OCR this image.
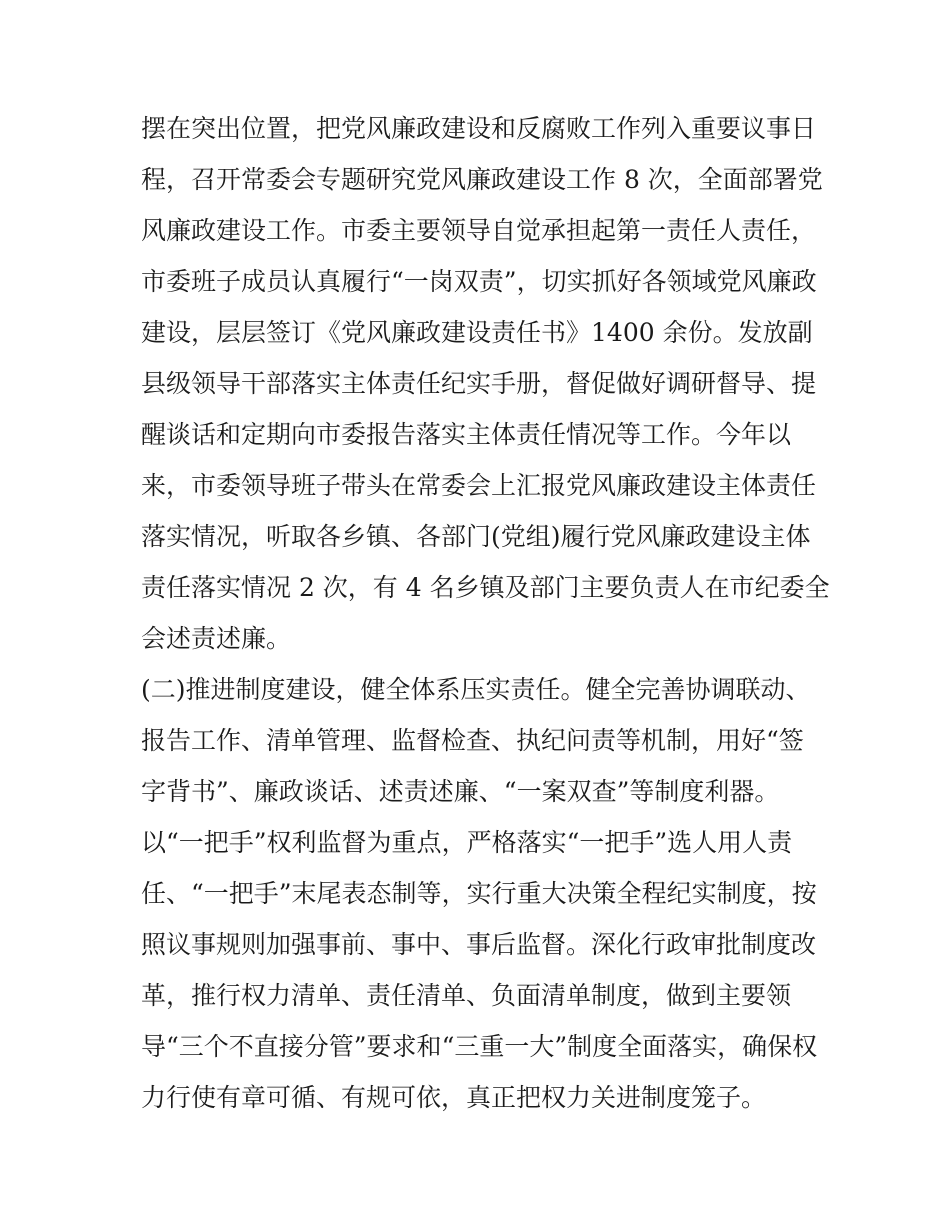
摆在突出位置，把党风廉政建设和反腐败工作列入重要议事日
程，召开常委会专题研究党风廉政建设工作 8 次，全面部署党
风廉政建设工作。市委主要领导自觉承担起第一责任人责任，
市委班子成员认真履行“一岗双责”，切实抓好各领域党风廉政
建设，层层签订《党风廉政建设责任书》1400 余份。发放副
县级领导干部落实主体责任纪实手册，督促做好调研督导、提
醒谈话和定期向市委报告落实主体责任情况等工作。今年以
来，市委领导班子带头在常委会上汇报党风廉政建设主体责任
落实情况，听取各乡镇、各部门(党组)履行党风廉政建设主体
责任落实情况 2 次，有 4 名乡镇及部门主要负责人在市纪委全
会述责述廉。
(二)推进制度建设，健全体系压实责任。健全完善协调联动、
报告工作、清单管理、监督检查、执纪问责等机制，用好“签
字背书”、廉政谈话、述责述廉、“一案双查”等制度利器。
以“一把手”权利监督为重点，严格落实“一把手”选人用人责
任、“一把手”末尾表态制等，实行重大决策全程纪实制度，按
照议事规则加强事前、事中、事后监督。深化行政审批制度改
革，推行权力清单、责任清单、负面清单制度，做到主要领
导“三个不直接分管”要求和“三重一大”制度全面落实，确保权
力行使有章可循、有规可依，真正把权力关进制度笼子。
